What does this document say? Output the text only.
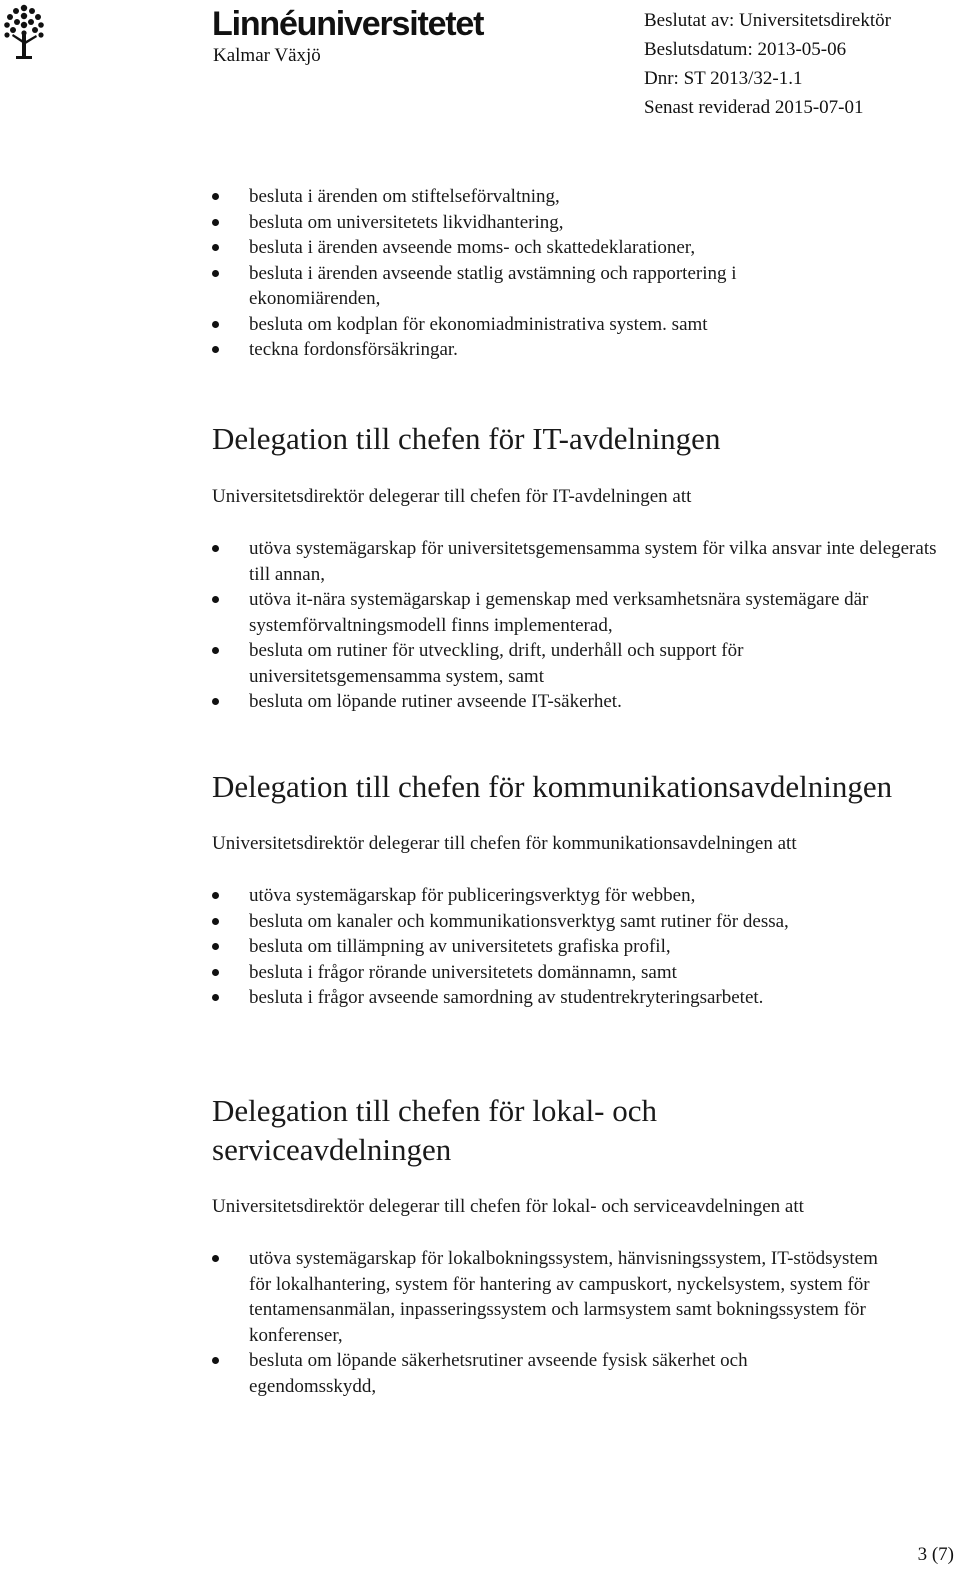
Linnéuniversitetet
Kalmar Växjö
Beslutat av: Universitetsdirektör
Beslutsdatum: 2013-05-06
Dnr: ST 2013/32-1.1
Senast reviderad 2015-07-01
besluta i ärenden om stiftelseförvaltning,
besluta om universitetets likvidhantering,
besluta i ärenden avseende moms- och skattedeklarationer,
besluta i ärenden avseende statlig avstämning och rapportering i ekonomiärenden,
besluta om kodplan för ekonomiadministrativa system. samt
teckna fordonsförsäkringar.
Delegation till chefen för IT-avdelningen
Universitetsdirektör delegerar till chefen för IT-avdelningen att
utöva systemägarskap för universitetsgemensamma system för vilka ansvar inte delegerats till annan,
utöva it-nära systemägarskap i gemenskap med verksamhetsnära systemägare där systemförvaltningsmodell finns implementerad,
besluta om rutiner för utveckling, drift, underhåll och support för universitetsgemensamma system, samt
besluta om löpande rutiner avseende IT-säkerhet.
Delegation till chefen för kommunikationsavdelningen
Universitetsdirektör delegerar till chefen för kommunikationsavdelningen att
utöva systemägarskap för publiceringsverktyg för webben,
besluta om kanaler och kommunikationsverktyg samt rutiner för dessa,
besluta om tillämpning av universitetets grafiska profil,
besluta i frågor rörande universitetets domännamn, samt
besluta i frågor avseende samordning av studentrekryteringsarbetet.
Delegation till chefen för lokal- och
serviceavdelningen
Universitetsdirektör delegerar till chefen för lokal- och serviceavdelningen att
utöva systemägarskap för lokalbokningssystem, hänvisningssystem, IT-stödsystem för lokalhantering, system för hantering av campuskort, nyckelsystem, system för tentamensanmälan, inpasseringssystem och larmsystem samt bokningssystem för konferenser,
besluta om löpande säkerhetsrutiner avseende fysisk säkerhet och egendomsskydd,
3 (7)
